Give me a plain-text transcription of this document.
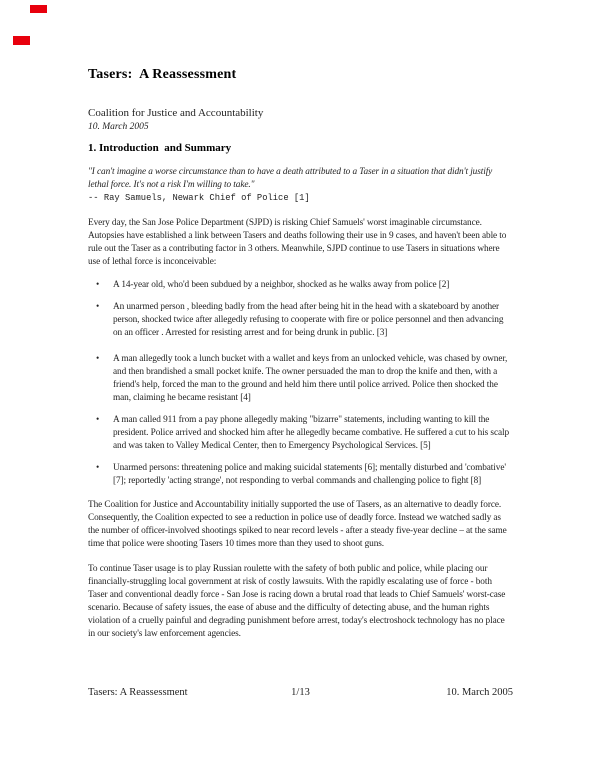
Tasers:  A Reassessment
Coalition for Justice and Accountability
10. March 2005
1. Introduction  and Summary
"I can't imagine a worse circumstance than to have a death attributed to a Taser in a situation that didn't justify lethal force. It's not a risk I'm willing to take."
-- Ray Samuels, Newark Chief of Police [1]

Every day, the San Jose Police Department (SJPD) is risking Chief Samuels' worst imaginable circumstance. Autopsies have established a link between Tasers and deaths following their use in 9 cases, and haven't been able to rule out the Taser as a contributing factor in 3 others. Meanwhile, SJPD continue to use Tasers in situations where use of lethal force is inconceivable:

• A 14-year old, who'd been subdued by a neighbor, shocked as he walks away from police [2]
• An unarmed person , bleeding badly from the head after being hit in the head with a skateboard by another person, shocked twice after allegedly refusing to cooperate with fire or police personnel and then advancing on an officer . Arrested for resisting arrest and for being drunk in public. [3]
• A man allegedly took a lunch bucket with a wallet and keys from an unlocked vehicle, was chased by owner, and then brandished a small pocket knife. The owner persuaded the man to drop the knife and then, with a friend's help, forced the man to the ground and held him there until police arrived. Police then shocked the man, claiming he became resistant [4]
• A man called 911 from a pay phone allegedly making "bizarre" statements, including wanting to kill the president. Police arrived and shocked him after he allegedly became combative. He suffered a cut to his scalp and was taken to Valley Medical Center, then to Emergency Psychological Services. [5]
• Unarmed persons: threatening police and making suicidal statements [6]; mentally disturbed and 'combative' [7]; reportedly 'acting strange', not responding to verbal commands and challenging police to fight [8]

The Coalition for Justice and Accountability initially supported the use of Tasers, as an alternative to deadly force. Consequently, the Coalition expected to see a reduction in police use of deadly force. Instead we watched sadly as the number of officer-involved shootings spiked to near record levels - after a steady five-year decline – at the same time that police were shooting Tasers 10 times more than they used to shoot guns.

To continue Taser usage is to play Russian roulette with the safety of both public and police, while placing our financially-struggling local government at risk of costly lawsuits. With the rapidly escalating use of force - both Taser and conventional deadly force - San Jose is racing down a brutal road that leads to Chief Samuels' worst-case scenario. Because of safety issues, the ease of abuse and the difficulty of detecting abuse, and the human rights violation of a cruelly painful and degrading punishment before arrest, today's electroshock technology has no place in our society's law enforcement agencies.

Tasers: A Reassessment	1/13	10. March 2005
